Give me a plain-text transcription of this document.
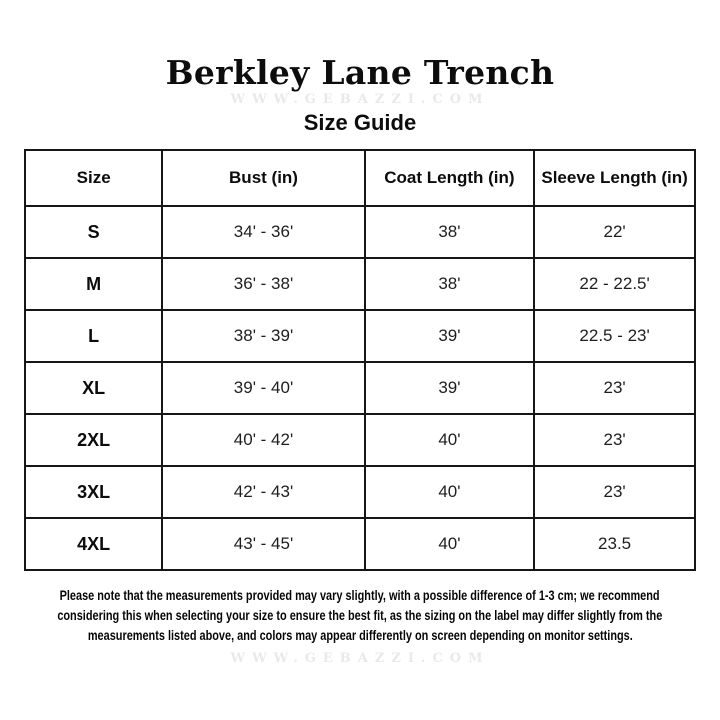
Berkley Lane Trench
WWW.GEBAZZI.COM
Size Guide
Size	Bust (in)	Coat Length (in)	Sleeve Length (in)
S	34' - 36'	38'	22'
M	36' - 38'	38'	22 - 22.5'
L	38' - 39'	39'	22.5 - 23'
XL	39' - 40'	39'	23'
2XL	40' - 42'	40'	23'
3XL	42' - 43'	40'	23'
4XL	43' - 45'	40'	23.5
Please note that the measurements provided may vary slightly, with a possible difference of 1-3 cm; we recommend
considering this when selecting your size to ensure the best fit, as the sizing on the label may differ slightly from the
measurements listed above, and colors may appear differently on screen depending on monitor settings.
WWW.GEBAZZI.COM
